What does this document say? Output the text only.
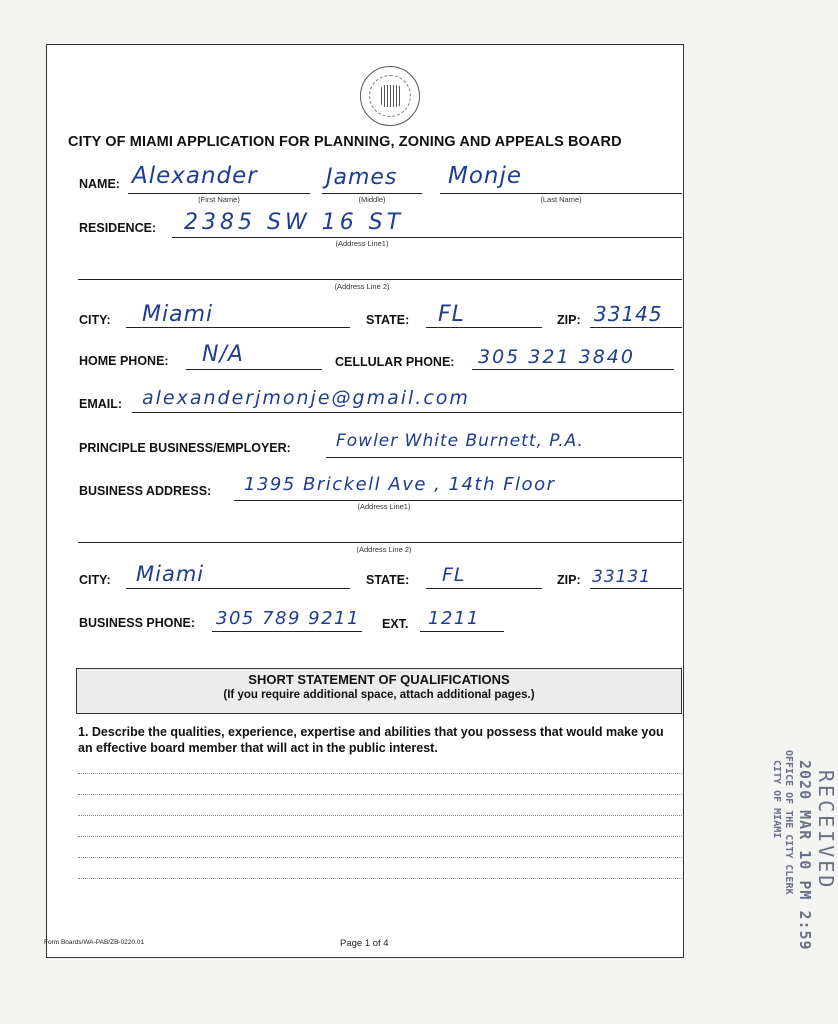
CITY OF MIAMI APPLICATION FOR PLANNING, ZONING AND APPEALS BOARD
NAME: Alexander
(First Name)
James
(Middle)
Monje
(Last Name)
RESIDENCE: 2385 SW 16 ST
(Address Line1)
(Address Line 2)
CITY: Miami	STATE: FL	ZIP: 33145
HOME PHONE: N/A	CELLULAR PHONE: 305 321 3840
EMAIL: alexanderjmonje@gmail.com
PRINCIPLE BUSINESS/EMPLOYER:	Fowler White Burnett, P.A.
BUSINESS ADDRESS: 1395 Brickell Ave , 14th Floor
(Address Line1)
(Address Line 2)
CITY: Miami	STATE: FL	ZIP: 33131
BUSINESS PHONE: 305 789 9211 EXT. 1211
SHORT STATEMENT OF QUALIFICATIONS
(If you require additional space, attach additional pages.)
1. Describe the qualities, experience, expertise and abilities that you possess that would make you an effective board member that will act in the public interest.
RECEIVED
2020 MAR 10 PM 2:59
OFFICE OF THE CITY CLERK
CITY OF MIAMI
Form Boards/WA-PAB/ZB-0220.01	Page 1 of 4
